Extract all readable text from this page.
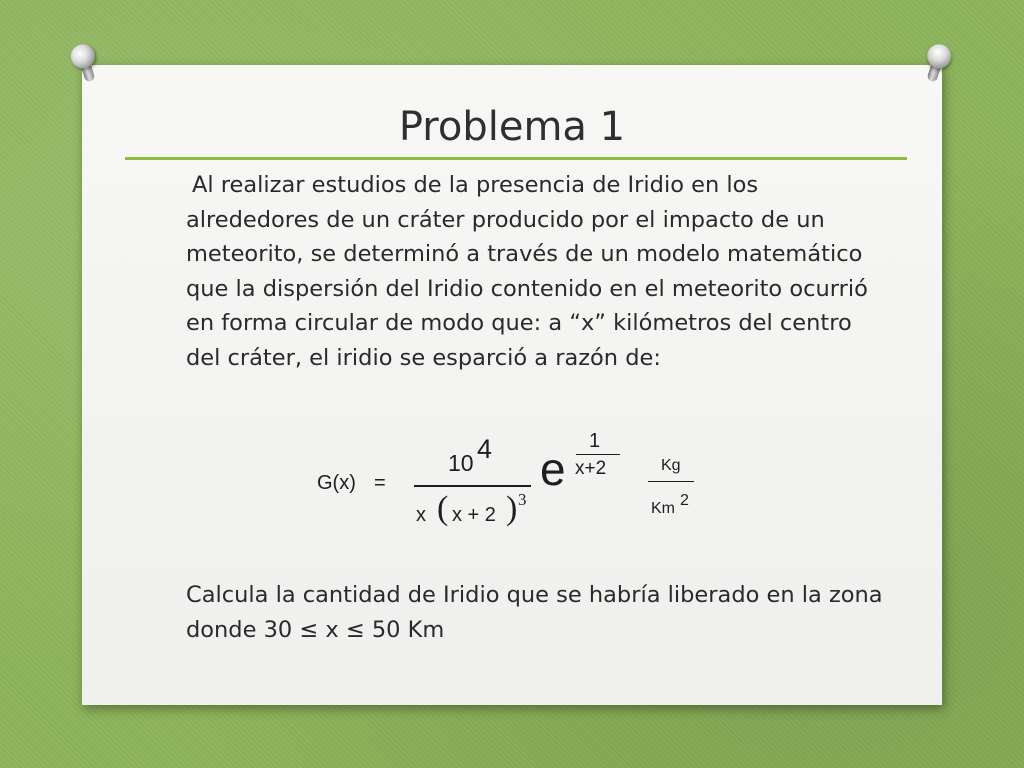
Problema 1

Al realizar estudios de la presencia de Iridio en los alrededores de un cráter producido por el impacto de un meteorito, se determinó a través de un modelo matemático que la dispersión del Iridio contenido en el meteorito ocurrió en forma circular de modo que: a “x” kilómetros del centro del cráter, el iridio se esparció a razón de:

G(x) =
10 4
x ( x + 2 ) 3
e
1
x+2	Kg
Km 2

Calcula la cantidad de Iridio que se habría liberado en la zona donde 30 ≤ x ≤ 50 Km
